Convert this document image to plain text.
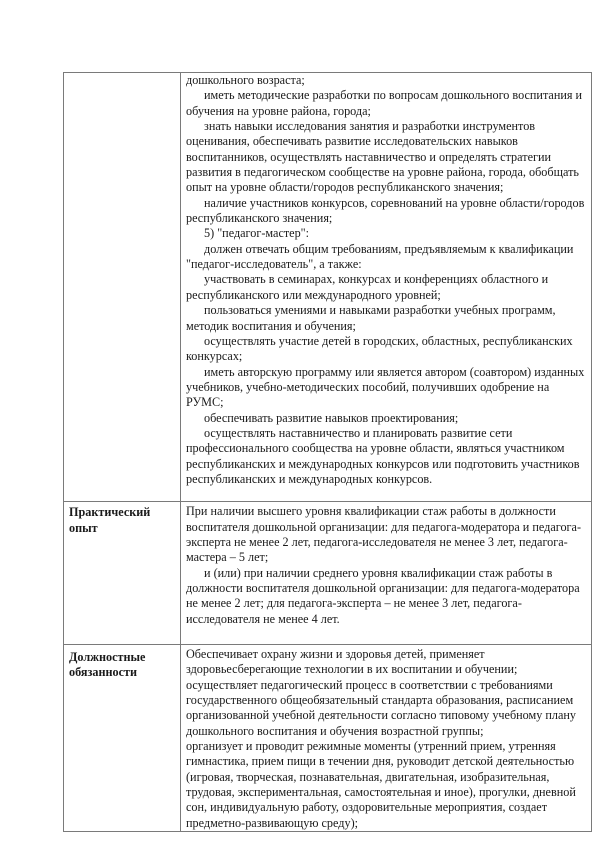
дошкольного возраста;

иметь методические разработки по вопросам дошкольного воспитания и обучения на уровне района, города;

знать навыки исследования занятия и разработки инструментов оценивания, обеспечивать развитие исследовательских навыков воспитанников, осуществлять наставничество и определять стратегии развития в педагогическом сообществе на уровне района, города, обобщать опыт на уровне области/городов республиканского значения;

наличие участников конкурсов, соревнований на уровне области/городов республиканского значения;

5) "педагог-мастер":

должен отвечать общим требованиям, предъявляемым к квалификации "педагог-исследователь", а также:

участвовать в семинарах, конкурсах и конференциях областного и республиканского или международного уровней;

пользоваться умениями и навыками разработки учебных программ, методик воспитания и обучения;

осуществлять участие детей в городских, областных, республиканских конкурсах;

иметь авторскую программу или является автором (соавтором) изданных учебников, учебно-методических пособий, получивших одобрение на РУМС;

обеспечивать развитие навыков проектирования;

осуществлять наставничество и планировать развитие сети профессионального сообщества на уровне области, являться участником республиканских и международных конкурсов или подготовить участников республиканских и международных конкурсов.

Практический опыт

При наличии высшего уровня квалификации стаж работы в должности воспитателя дошкольной организации: для педагога-модератора и педагога-эксперта не менее 2 лет, педагога-исследователя не менее 3 лет, педагога-мастера – 5 лет;

и (или) при наличии среднего уровня квалификации стаж работы в должности воспитателя дошкольной организации: для педагога-модератора не менее 2 лет; для педагога-эксперта – не менее 3 лет, педагога-исследователя не менее 4 лет.

Должностные обязанности

Обеспечивает охрану жизни и здоровья детей, применяет здоровьесберегающие технологии в их воспитании и обучении;

осуществляет педагогический процесс в соответствии с требованиями государственного общеобязательный стандарта образования, расписанием организованной учебной деятельности согласно типовому учебному плану дошкольного воспитания и обучения возрастной группы;

организует и проводит режимные моменты (утренний прием, утренняя гимнастика, прием пищи в течении дня, руководит детской деятельностью (игровая, творческая, познавательная, двигательная, изобразительная, трудовая, экспериментальная, самостоятельная и иное), прогулки, дневной сон, индивидуальную работу, оздоровительные мероприятия, создает предметно-развивающую среду);
